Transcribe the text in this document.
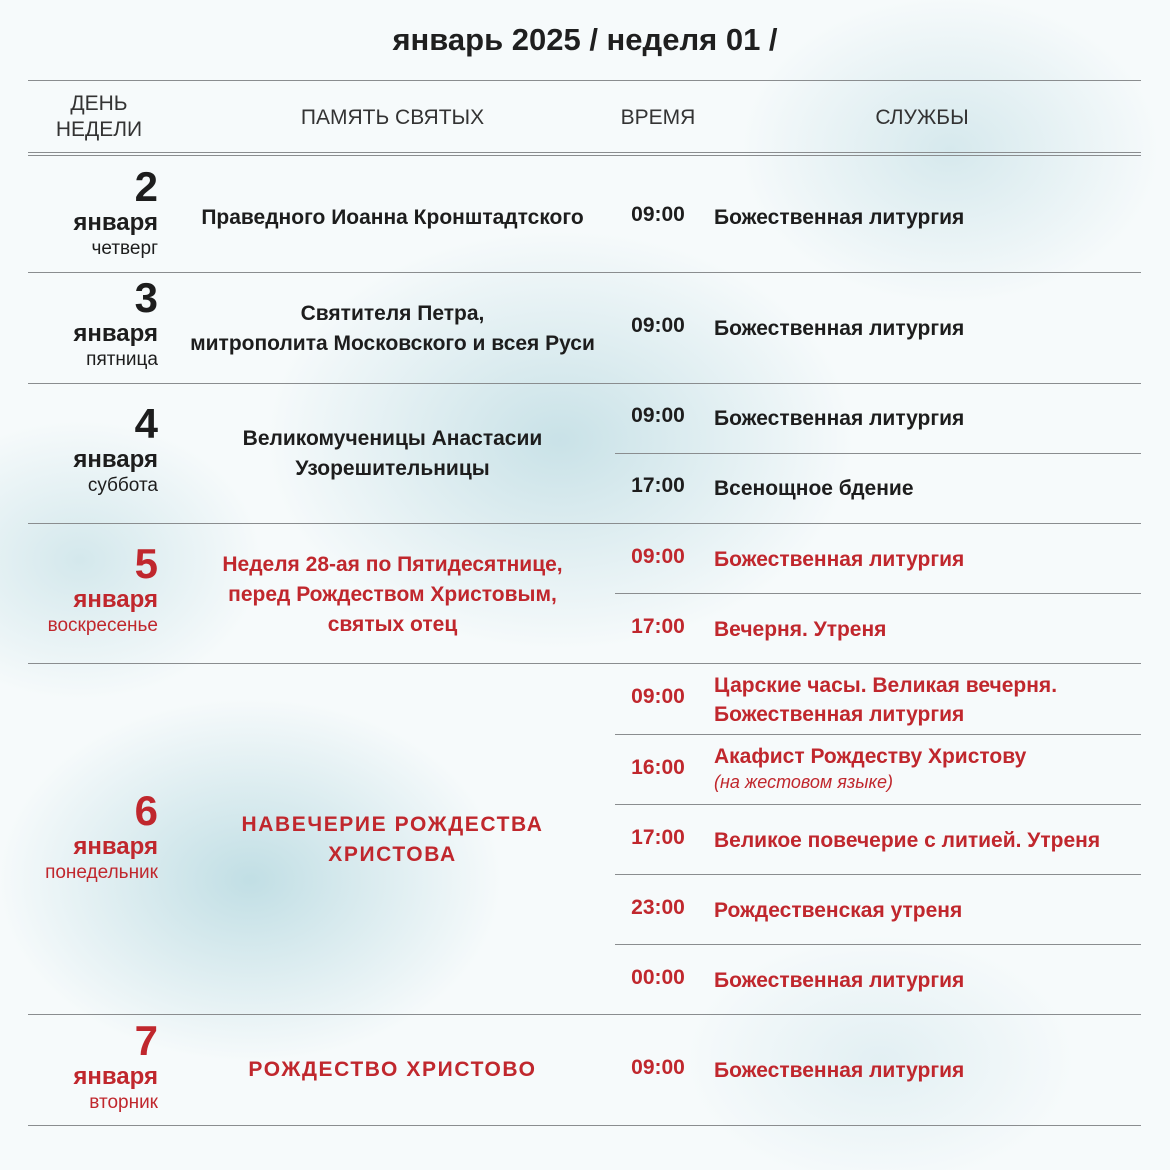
январь 2025 / неделя 01 /
ДЕНЬ
НЕДЕЛИ
ПАМЯТЬ СВЯТЫХ	ВРЕМЯ	СЛУЖБЫ
2
января
четверг
Праведного Иоанна Кронштадтского	09:00	Божественная литургия
3
января
пятница
Святителя Петра,
митрополита Московского и всея Руси
09:00	Божественная литургия
4
января
суббота
Великомученицы Анастасии
Узорешительницы
09:00	Божественная литургия
17:00	Всенощное бдение
5
января
воскресенье
Неделя 28-ая по Пятидесятнице,
перед Рождеством Христовым,
святых отец
09:00	Божественная литургия
17:00	Вечерня. Утреня
6
января
понедельник
НАВЕЧЕРИЕ РОЖДЕСТВА
ХРИСТОВА
09:00	Царские часы. Великая вечерня.
Божественная литургия
16:00	Акафист Рождеству Христову
(на жестовом языке)
17:00	Великое повечерие с литией. Утреня
23:00	Рождественская утреня
00:00	Божественная литургия
7
января
вторник
РОЖДЕСТВО ХРИСТОВО	09:00	Божественная литургия
